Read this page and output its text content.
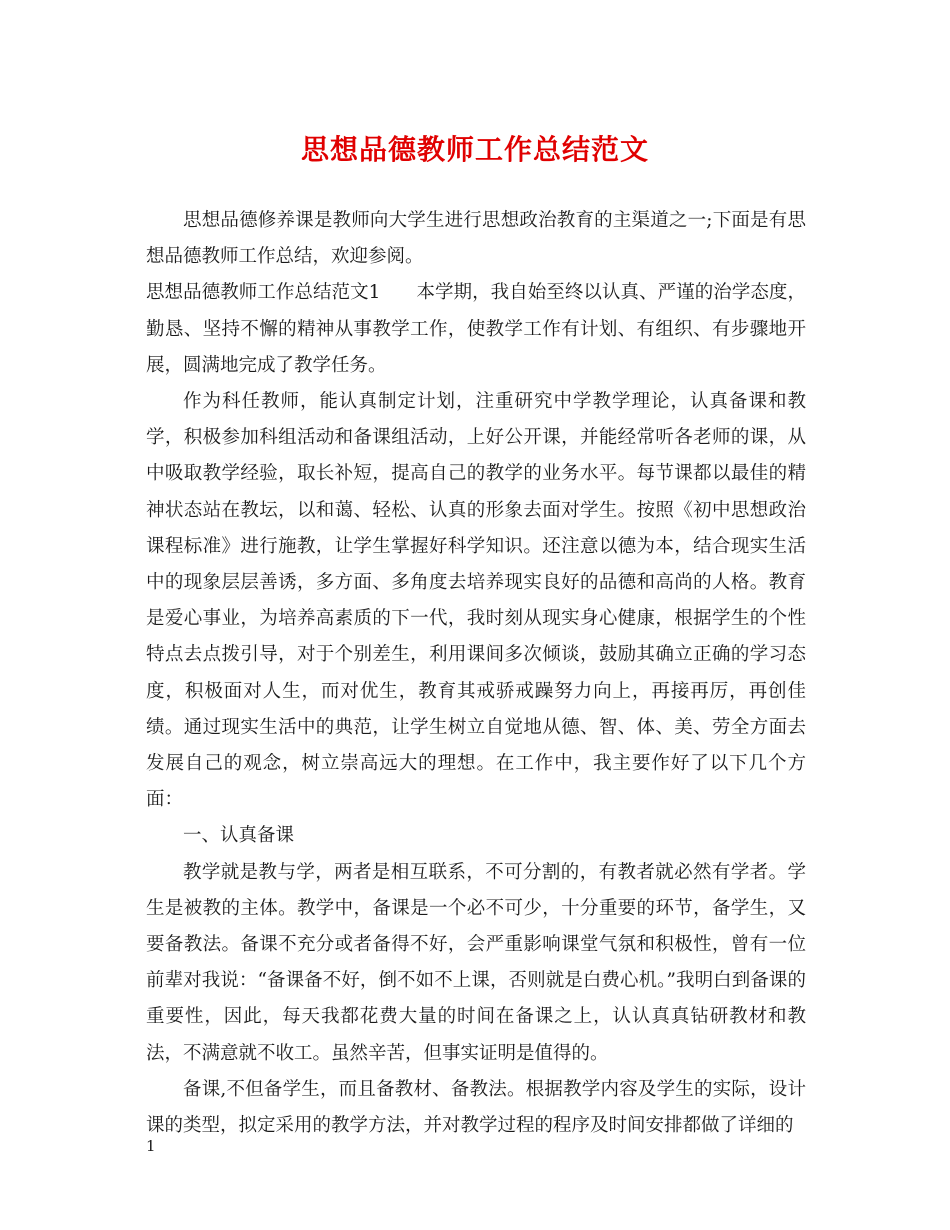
思想品德教师工作总结范文

思想品德修养课是教师向大学生进行思想政治教育的主渠道之一;下面是有思想品德教师工作总结，欢迎参阅。

思想品德教师工作总结范文1 本学期，我自始至终以认真、严谨的治学态度，勤恳、坚持不懈的精神从事教学工作，使教学工作有计划、有组织、有步骤地开展，圆满地完成了教学任务。

作为科任教师，能认真制定计划，注重研究中学教学理论，认真备课和教学，积极参加科组活动和备课组活动，上好公开课，并能经常听各老师的课，从中吸取教学经验，取长补短，提高自己的教学的业务水平。每节课都以最佳的精神状态站在教坛，以和蔼、轻松、认真的形象去面对学生。按照《初中思想政治课程标准》进行施教，让学生掌握好科学知识。还注意以德为本，结合现实生活中的现象层层善诱，多方面、多角度去培养现实良好的品德和高尚的人格。教育是爱心事业，为培养高素质的下一代，我时刻从现实身心健康，根据学生的个性特点去点拨引导，对于个别差生，利用课间多次倾谈，鼓励其确立正确的学习态度，积极面对人生，而对优生，教育其戒骄戒躁努力向上，再接再厉，再创佳绩。通过现实生活中的典范，让学生树立自觉地从德、智、体、美、劳全方面去发展自己的观念，树立崇高远大的理想。在工作中，我主要作好了以下几个方面：

一、认真备课

教学就是教与学，两者是相互联系，不可分割的，有教者就必然有学者。学生是被教的主体。教学中，备课是一个必不可少，十分重要的环节，备学生，又要备教法。备课不充分或者备得不好，会严重影响课堂气氛和积极性，曾有一位前辈对我说：“备课备不好，倒不如不上课，否则就是白费心机。”我明白到备课的重要性，因此，每天我都花费大量的时间在备课之上，认认真真钻研教材和教法，不满意就不收工。虽然辛苦，但事实证明是值得的。

备课,不但备学生，而且备教材、备教法。根据教学内容及学生的实际，设计课的类型，拟定采用的教学方法，并对教学过程的程序及时间安排都做了详细的

1
